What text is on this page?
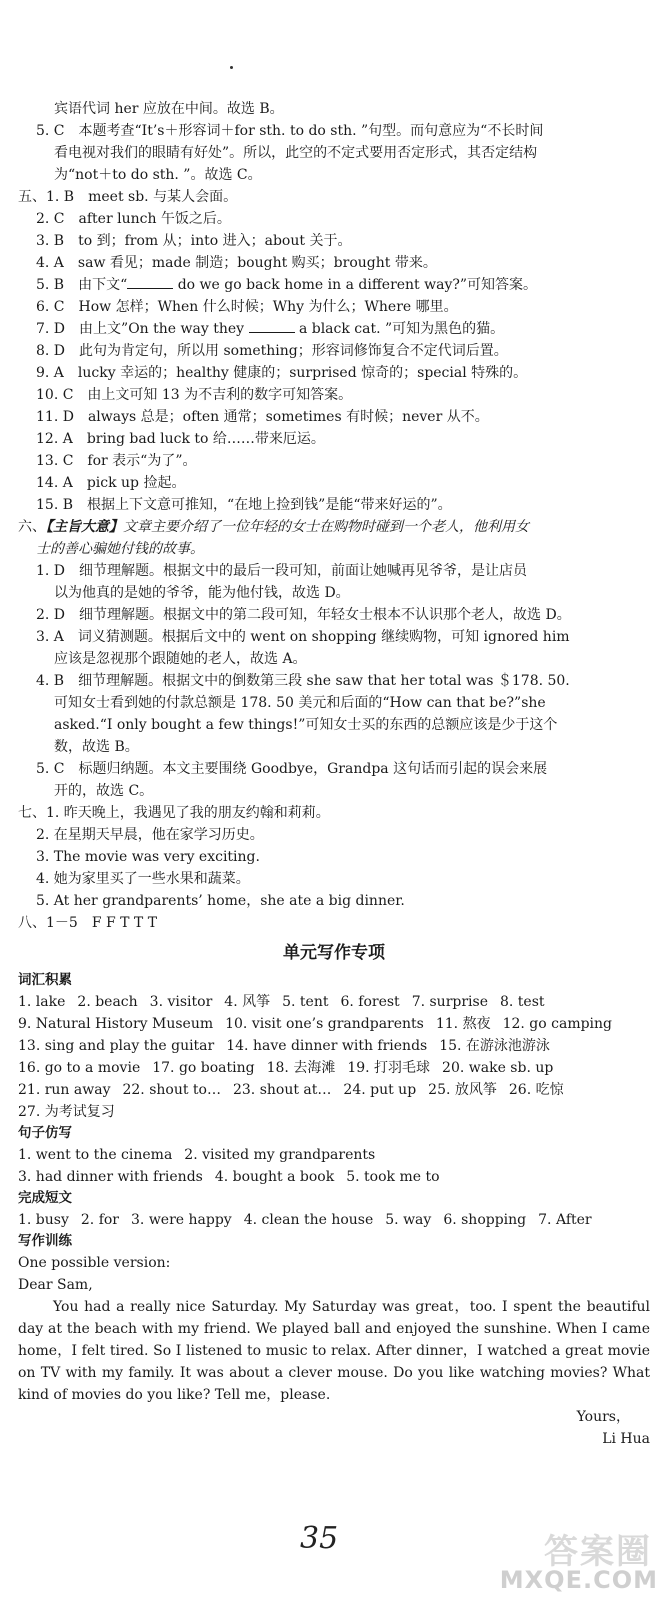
宾语代词 her 应放在中间。故选 B。
5. C　本题考查“It’s＋形容词＋for sth. to do sth. ”句型。而句意应为“不长时间
看电视对我们的眼睛有好处”。所以，此空的不定式要用否定形式，其否定结构
为“not＋to do sth. ”。故选 C。
五、1. B　meet sb. 与某人会面。
2. C　after lunch 午饭之后。
3. B　to 到；from 从；into 进入；about 关于。
4. A　saw 看见；made 制造；bought 购买；brought 带来。
5. B　由下文“	do we go back home in a different way?”可知答案。
6. C　How 怎样；When 什么时候；Why 为什么；Where 哪里。
7. D　由上文”On the way they	a black cat. ”可知为黑色的猫。
8. D　此句为肯定句，所以用 something；形容词修饰复合不定代词后置。
9. A　lucky 幸运的；healthy 健康的；surprised 惊奇的；special 特殊的。
10. C　由上文可知 13 为不吉利的数字可知答案。
11. D　always 总是；often 通常；sometimes 有时候；never 从不。
12. A　bring bad luck to 给……带来厄运。
13. C　for 表示“为了”。
14. A　pick up 捡起。
15. B　根据上下文意可推知，“在地上捡到钱”是能“带来好运的”。
六、【主旨大意】文章主要介绍了一位年轻的女士在购物时碰到一个老人，他利用女
士的善心骗她付钱的故事。
1. D　细节理解题。根据文中的最后一段可知，前面让她喊再见爷爷，是让店员
以为他真的是她的爷爷，能为他付钱，故选 D。
2. D　细节理解题。根据文中的第二段可知，年轻女士根本不认识那个老人，故选 D。
3. A　词义猜测题。根据后文中的 went on shopping 继续购物，可知 ignored him
应该是忽视那个跟随她的老人，故选 A。
4. B　细节理解题。根据文中的倒数第三段 she saw that her total was ＄178. 50.
可知女士看到她的付款总额是 178. 50 美元和后面的“How can that be?”she
asked.“I only bought a few things!”可知女士买的东西的总额应该是少于这个
数，故选 B。
5. C　标题归纳题。本文主要围绕 Goodbye，Grandpa 这句话而引起的误会来展
开的，故选 C。
七、1. 昨天晚上，我遇见了我的朋友约翰和莉莉。
2. 在星期天早晨，他在家学习历史。
3. The movie was very exciting.
4. 她为家里买了一些水果和蔬菜。
5. At her grandparents’ home，she ate a big dinner.
八、1－5　F F T T T
单元写作专项
词汇积累
1. lake 2. beach 3. visitor 4. 风筝 5. tent 6. forest 7. surprise 8. test
9. Natural History Museum 10. visit one’s grandparents 11. 熬夜 12. go camping
13. sing and play the guitar 14. have dinner with friends 15. 在游泳池游泳
16. go to a movie 17. go boating 18. 去海滩 19. 打羽毛球 20. wake sb. up
21. run away 22. shout to… 23. shout at… 24. put up 25. 放风筝 26. 吃惊
27. 为考试复习
句子仿写
1. went to the cinema 2. visited my grandparents
3. had dinner with friends 4. bought a book 5. took me to
完成短文
1. busy 2. for 3. were happy 4. clean the house 5. way 6. shopping 7. After
写作训练
One possible version:
Dear Sam,
You had a really nice Saturday. My Saturday was great，too. I spent the beautiful day at the beach with my friend. We played ball and enjoyed the sunshine. When I came home，I felt tired. So I listened to music to relax. After dinner，I watched a great movie on TV with my family. It was about a clever mouse. Do you like watching movies? What kind of movies do you like? Tell me，please.
Yours，
Li Hua
35	答案圈
MXQE.COM
